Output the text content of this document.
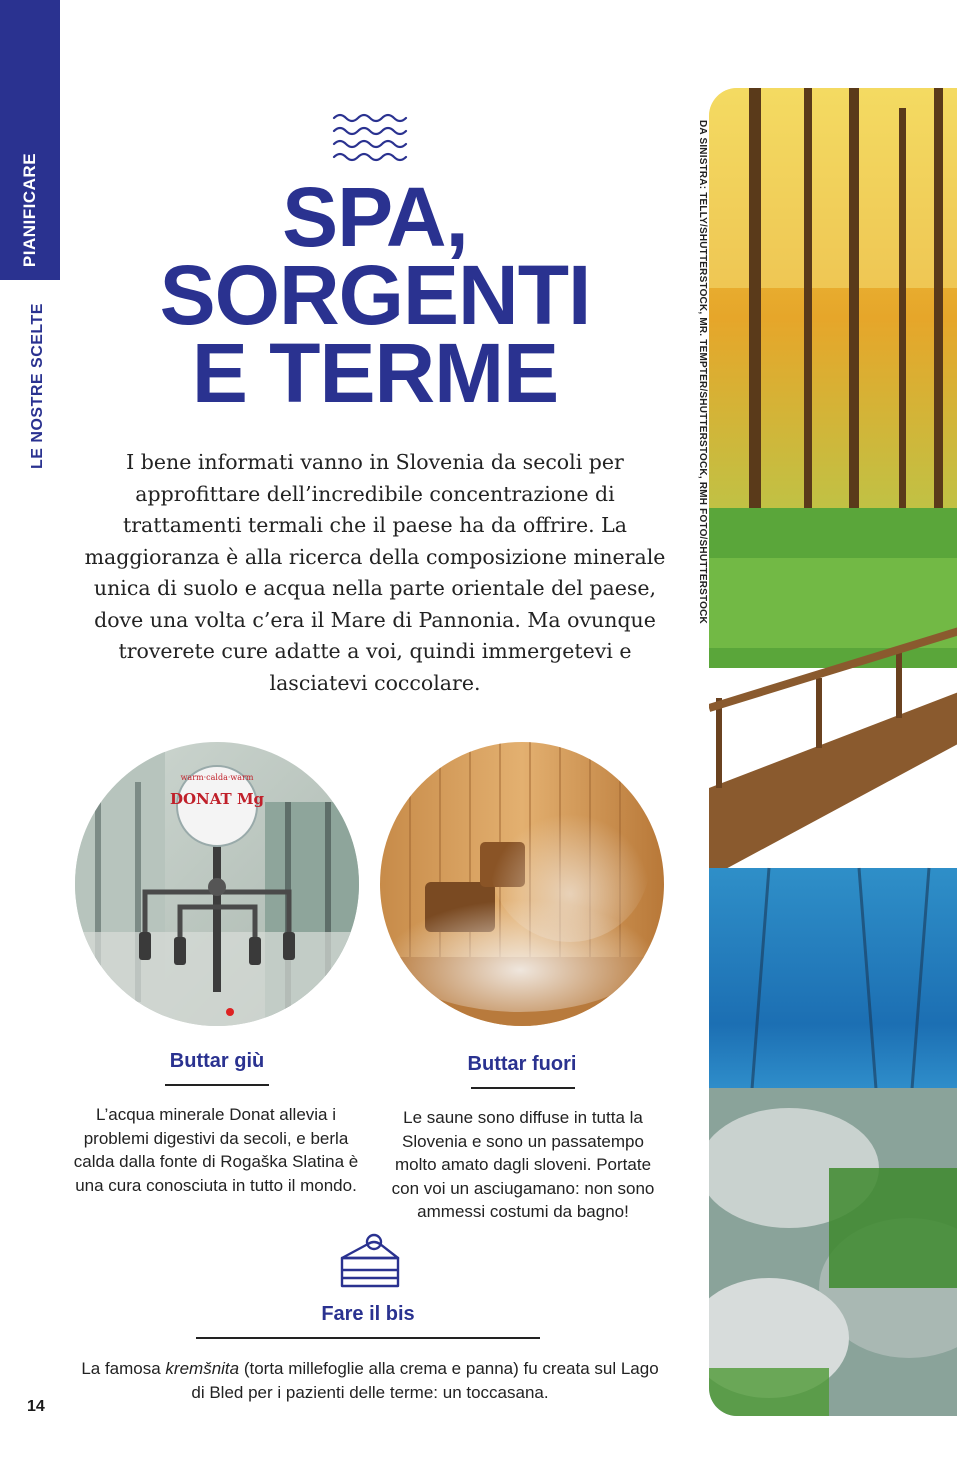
PIANIFICARE
LE NOSTRE SCELTE
SPA,
SORGENTI
E TERME

I bene informati vanno in Slovenia da secoli per approfittare dell’incredibile concentrazione di trattamenti termali che il paese ha da offrire. La maggioranza è alla ricerca della composizione minerale unica di suolo e acqua nella parte orientale del paese, dove una volta c’era il Mare di Pannonia. Ma ovunque troverete cure adatte a voi, quindi immergetevi e lasciatevi coccolare.

DONAT Mg
warm·calda·warm
Buttar giù
L’acqua minerale Donat allevia i problemi digestivi da secoli, e berla calda dalla fonte di Rogaška Slatina è una cura conosciuta in tutto il mondo.
Buttar fuori
Le saune sono diffuse in tutta la Slovenia e sono un passatempo molto amato dagli sloveni. Portate con voi un asciugamano: non sono ammessi costumi da bagno!
Fare il bis
La famosa kremšnita (torta millefoglie alla crema e panna) fu creata sul Lago di Bled per i pazienti delle terme: un toccasana.
14
DA SINISTRA: TELLY/SHUTTERSTOCK, MR. TEMPTER/SHUTTERSTOCK, RMH FOTO/SHUTTERSTOCK
